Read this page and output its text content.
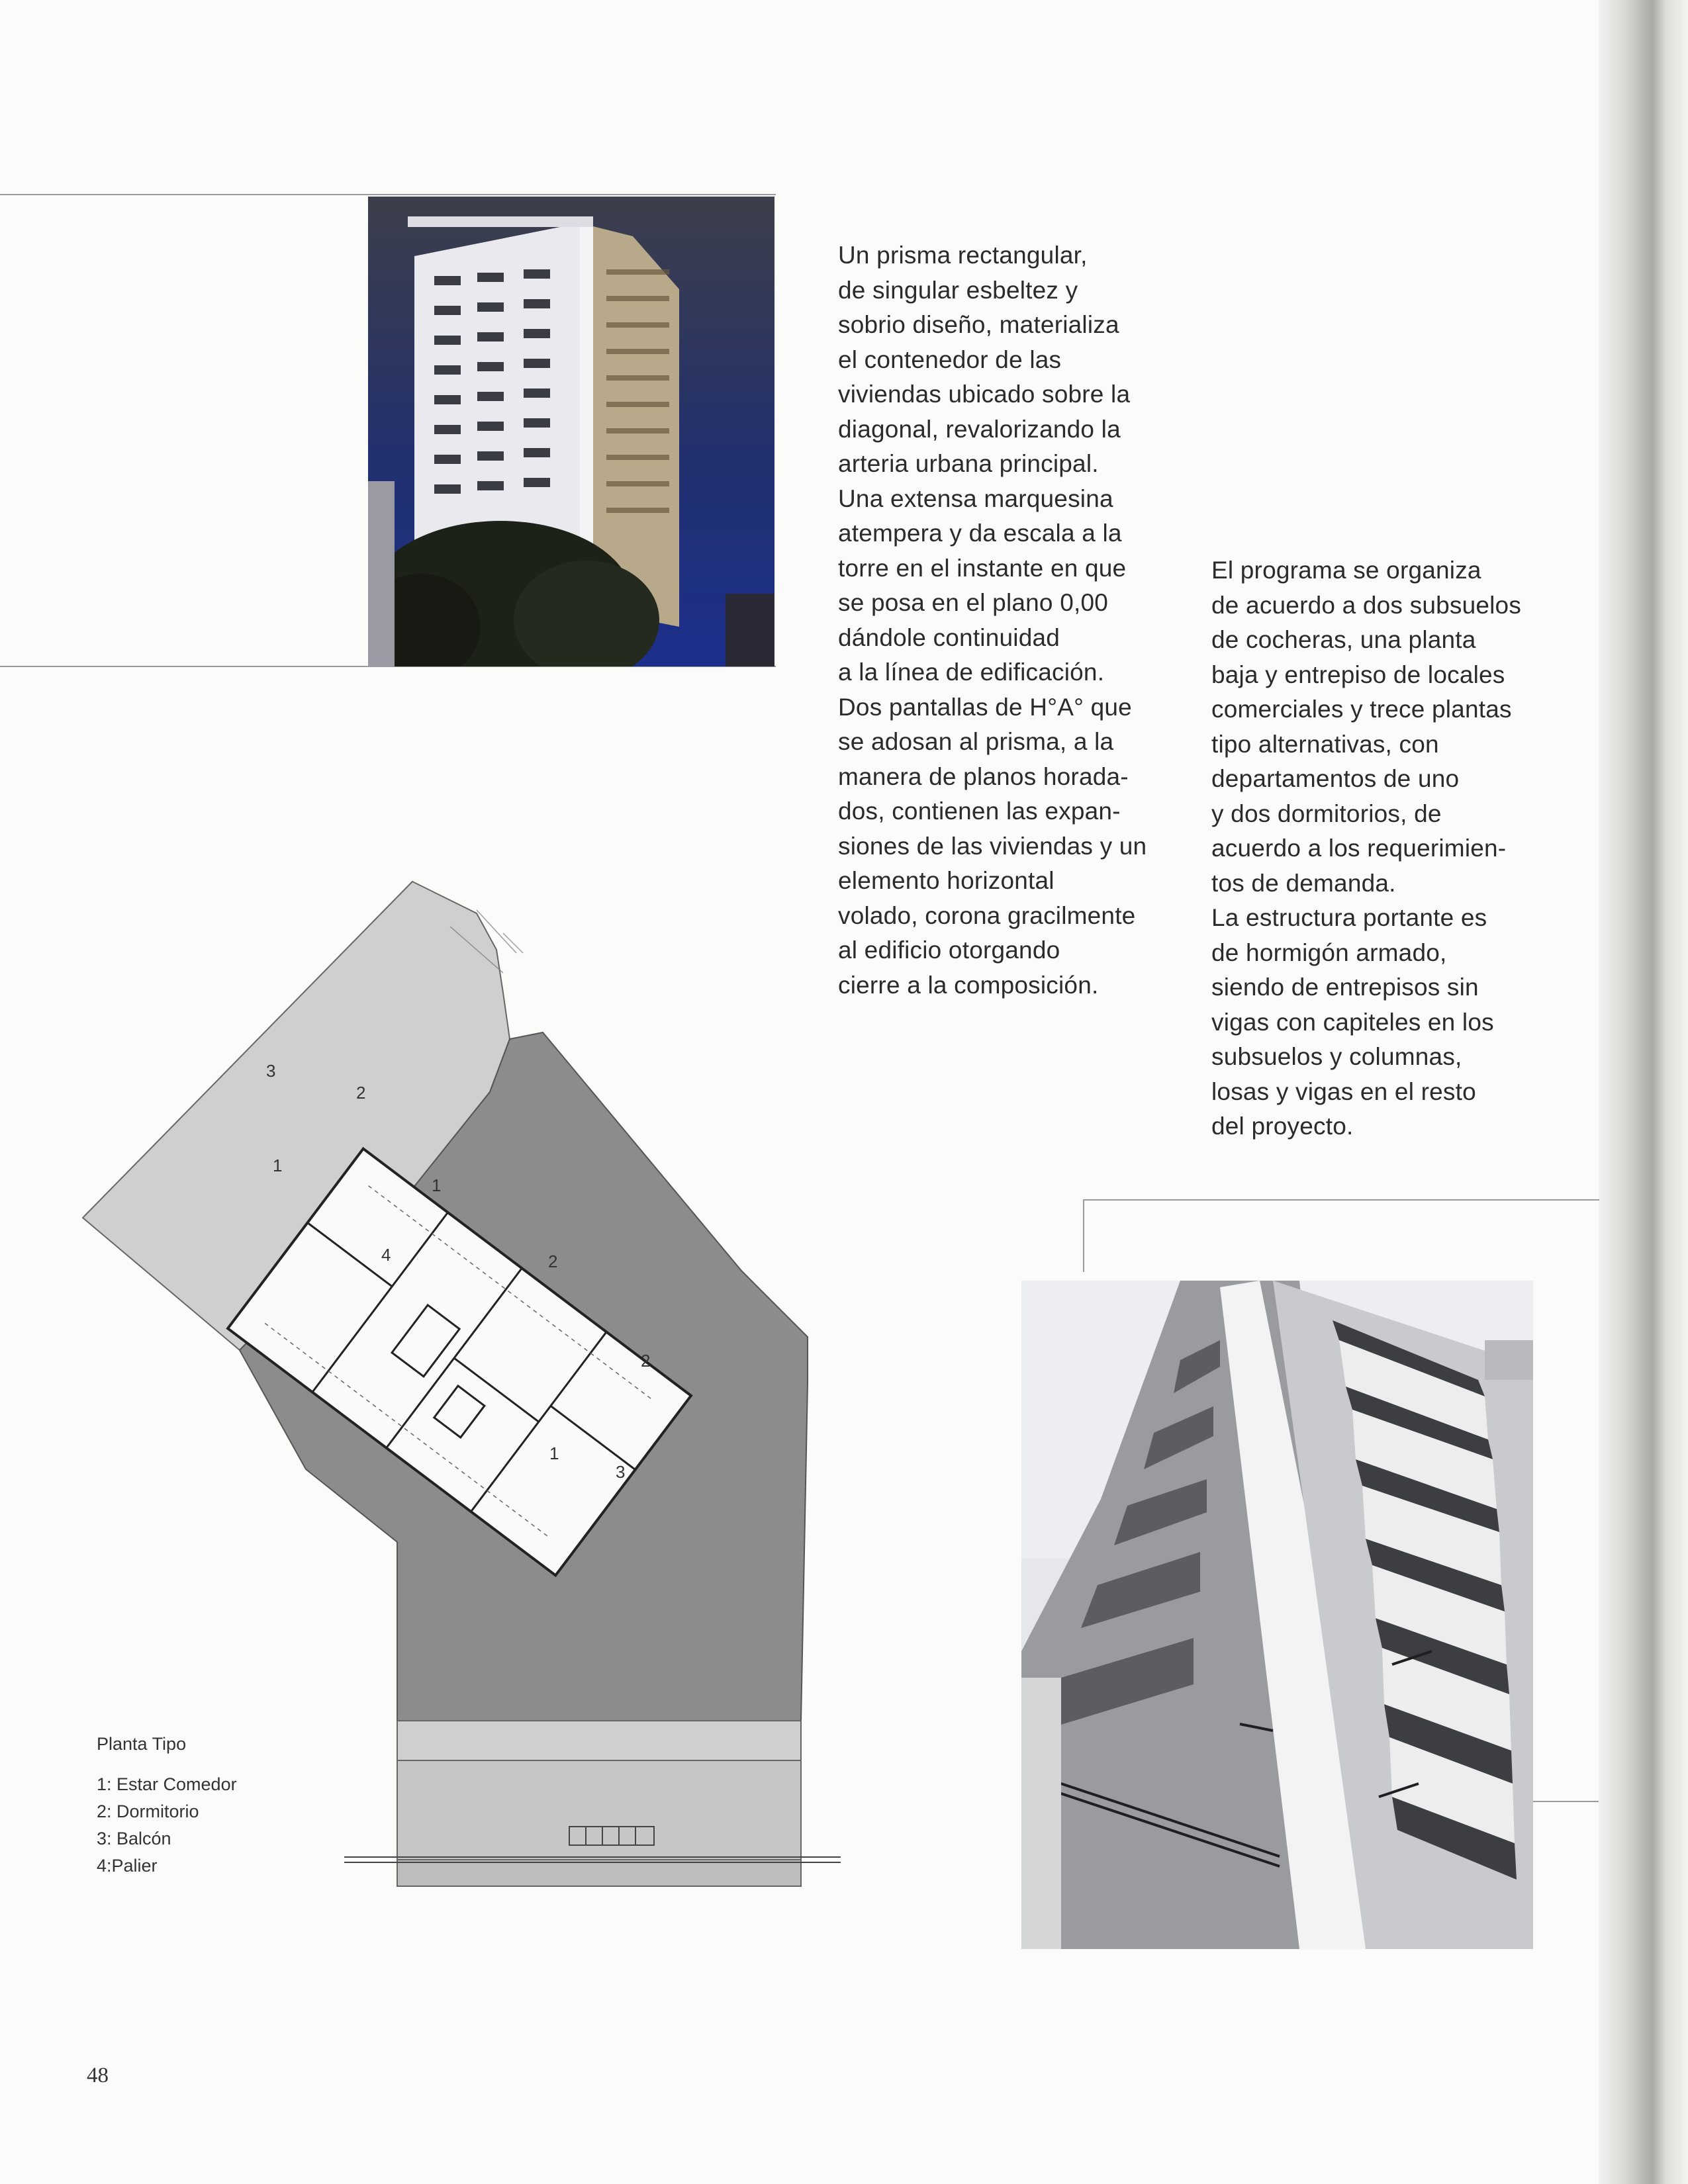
Un prisma rectangular,
de singular esbeltez y
sobrio diseño, materializa
el contenedor de las
viviendas ubicado sobre la
diagonal, revalorizando la
arteria urbana principal.
Una extensa marquesina
atempera y da escala a la
torre en el instante en que
se posa en el plano 0,00
dándole continuidad
a la línea de edificación.
Dos pantallas de H°A° que
se adosan al prisma, a la
manera de planos horada-
dos, contienen las expan-
siones de las viviendas y un
elemento horizontal
volado, corona gracilmente
al edificio otorgando
cierre a la composición.
El programa se organiza
de acuerdo a dos subsuelos
de cocheras, una planta
baja y entrepiso de locales
comerciales y trece plantas
tipo alternativas, con
departamentos de uno
y dos dormitorios, de
acuerdo a los requerimien-
tos de demanda.
La estructura portante es
de hormigón armado,
siendo de entrepisos sin
vigas con capiteles en los
subsuelos y columnas,
losas y vigas en el resto
del proyecto.
3
2
1
1
4	2
2
1
3
Planta Tipo
1: Estar Comedor
2: Dormitorio
3: Balcón
4:Palier
48
